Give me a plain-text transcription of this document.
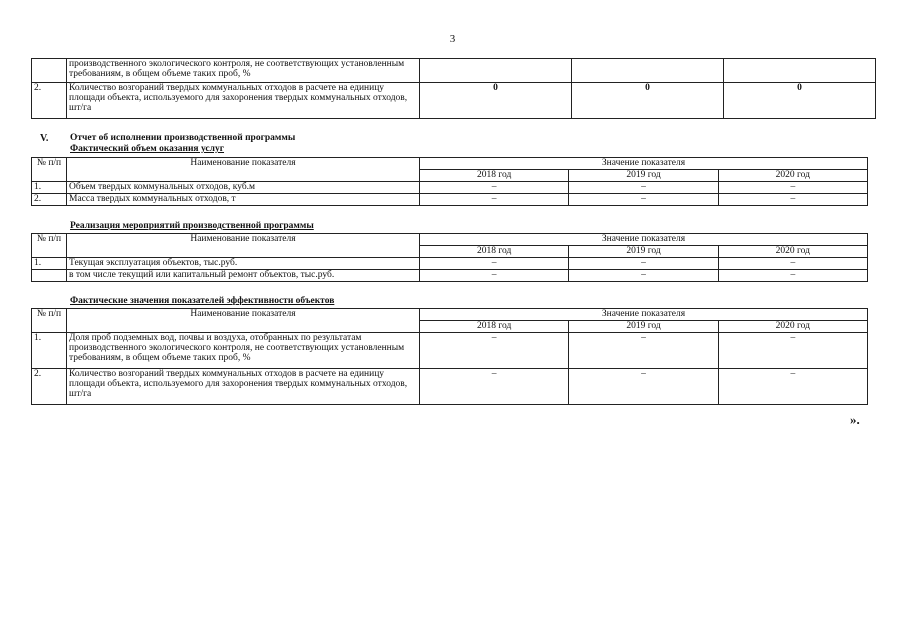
3
	производственного экологического контроля, не соответствующих установленным требованиям, в общем объеме таких проб, %			
2.	Количество возгораний твердых коммунальных отходов в расчете на единицу площади объекта, используемого для захоронения твердых коммунальных отходов, шт/га	0	0	0
V. Отчет об исполнении производственной программы
Фактический объем оказания услуг
№ п/п	Наименование показателя	Значение показателя		
		2018 год	2019 год	2020 год
1.	Объем твердых коммунальных отходов, куб.м	–	–	–
2.	Масса твердых коммунальных отходов, т	–	–	–
Реализация мероприятий производственной программы
№ п/п	Наименование показателя	Значение показателя		
		2018 год	2019 год	2020 год
1.	Текущая эксплуатация объектов, тыс.руб.	–	–	–
	в том числе текущий или капитальный ремонт объектов, тыс.руб.	–	–	–
Фактические значения показателей эффективности объектов
№ п/п	Наименование показателя	Значение показателя		
		2018 год	2019 год	2020 год
1.	Доля проб подземных вод, почвы и воздуха, отобранных по результатам производственного экологического контроля, не соответствующих установленным требованиям, в общем объеме таких проб, %	–	–	–
2.	Количество возгораний твердых коммунальных отходов в расчете на единицу площади объекта, используемого для захоронения твердых коммунальных отходов, шт/га	–	–	–
».
